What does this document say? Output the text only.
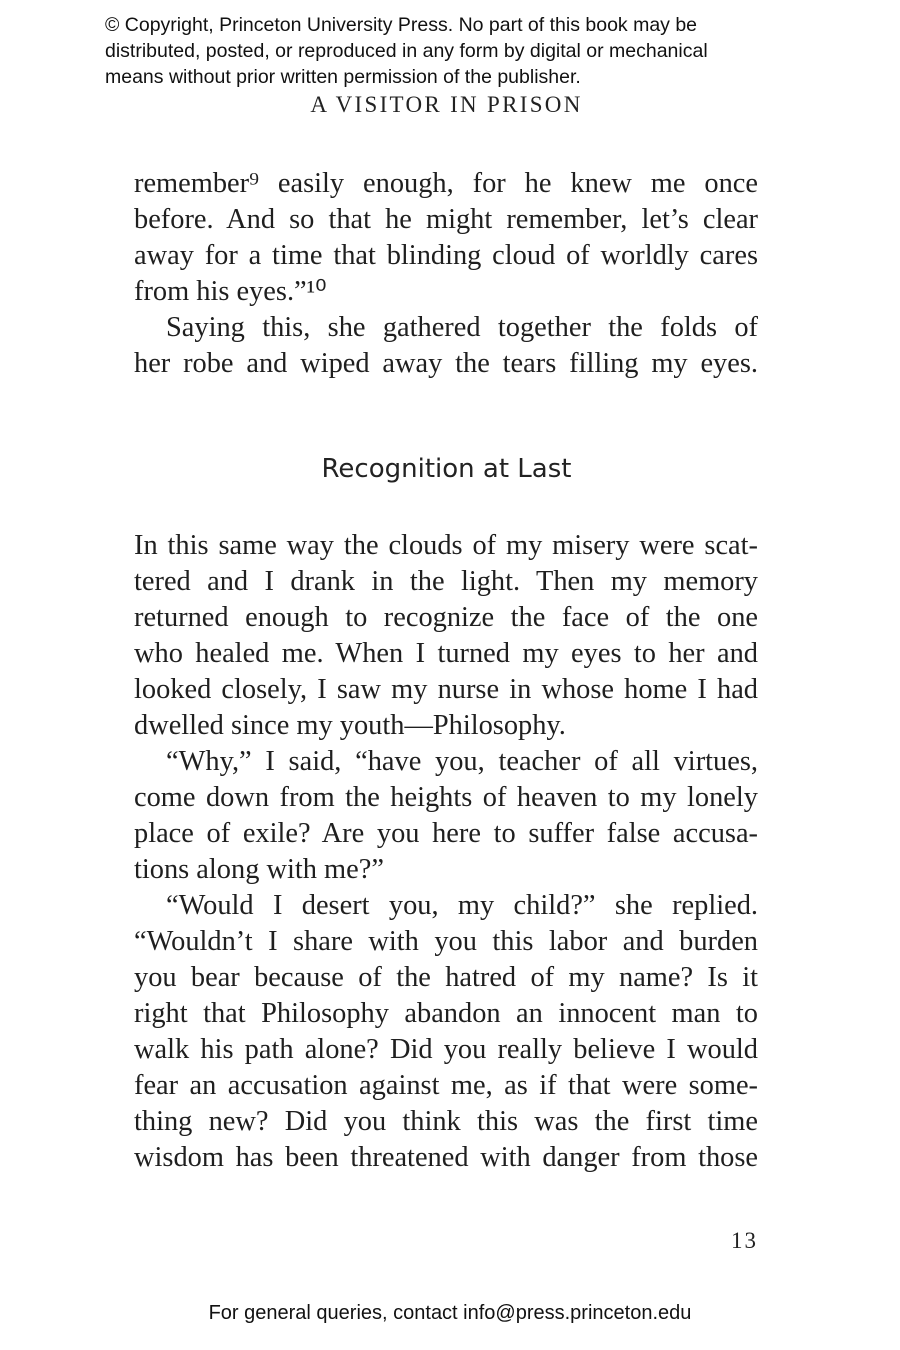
© Copyright, Princeton University Press. No part of this book may be
distributed, posted, or reproduced in any form by digital or mechanical
means without prior written permission of the publisher.
A VISITOR IN PRISON
remember⁹ easily enough, for he knew me once
before. And so that he might remember, let’s clear
away for a time that blinding cloud of worldly cares
from his eyes.”¹⁰
Saying this, she gathered together the folds of
her robe and wiped away the tears filling my eyes.
Recognition at Last
In this same way the clouds of my misery were scat-
tered and I drank in the light. Then my memory
returned enough to recognize the face of the one
who healed me. When I turned my eyes to her and
looked closely, I saw my nurse in whose home I had
dwelled since my youth—Philosophy.
“Why,” I said, “have you, teacher of all virtues,
come down from the heights of heaven to my lonely
place of exile? Are you here to suffer false accusa-
tions along with me?”
“Would I desert you, my child?” she replied.
“Wouldn’t I share with you this labor and burden
you bear because of the hatred of my name? Is it
right that Philosophy abandon an innocent man to
walk his path alone? Did you really believe I would
fear an accusation against me, as if that were some-
thing new? Did you think this was the first time
wisdom has been threatened with danger from those
13
For general queries, contact info@press.princeton.edu
